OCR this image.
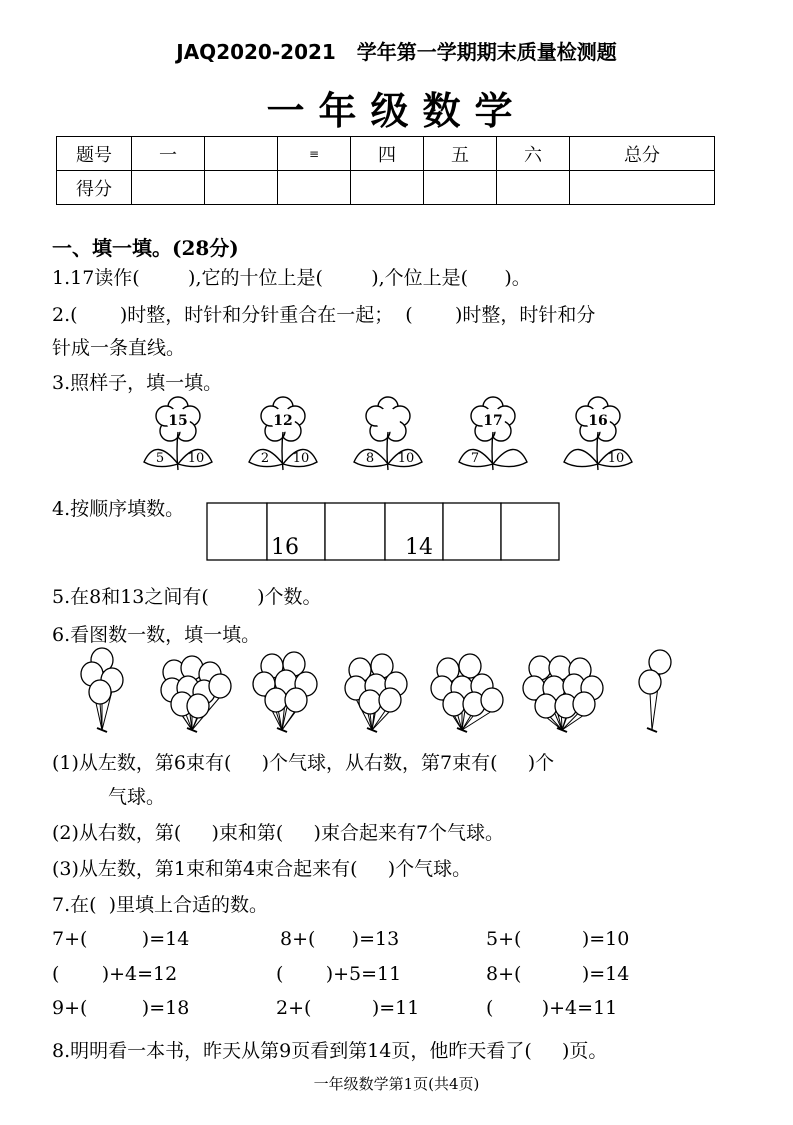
JAQ2020-2021   学年第一学期期末质量检测题
一年级数学
题号	一		≡	四	五	六	总分
得分							
一、填一填。(28分)
1.17读作(        ),它的十位上是(        ),个位上是(      )。
2.(       )时整，时针和分针重合在一起；  (       )时整，时针和分
针成一条直线。
3.照样子，填一填。
15
5 10
12
2 10	8 10
17
7
16
10
4.按顺序填数。
16	14
5.在8和13之间有(        )个数。
6.看图数一数，填一填。
(1)从左数，第6束有(     )个气球，从右数，第7束有(     )个
气球。
(2)从右数，第(     )束和第(     )束合起来有7个气球。
(3)从左数，第1束和第4束合起来有(     )个气球。
7.在(  )里填上合适的数。
7+(         )=14	8+(      )=13	5+(          )=10
(       )+4=12	(       )+5=11	8+(          )=14
9+(         )=18	2+(          )=11	(        )+4=11
8.明明看一本书，昨天从第9页看到第14页，他昨天看了(     )页。
一年级数学第1页(共4页)
